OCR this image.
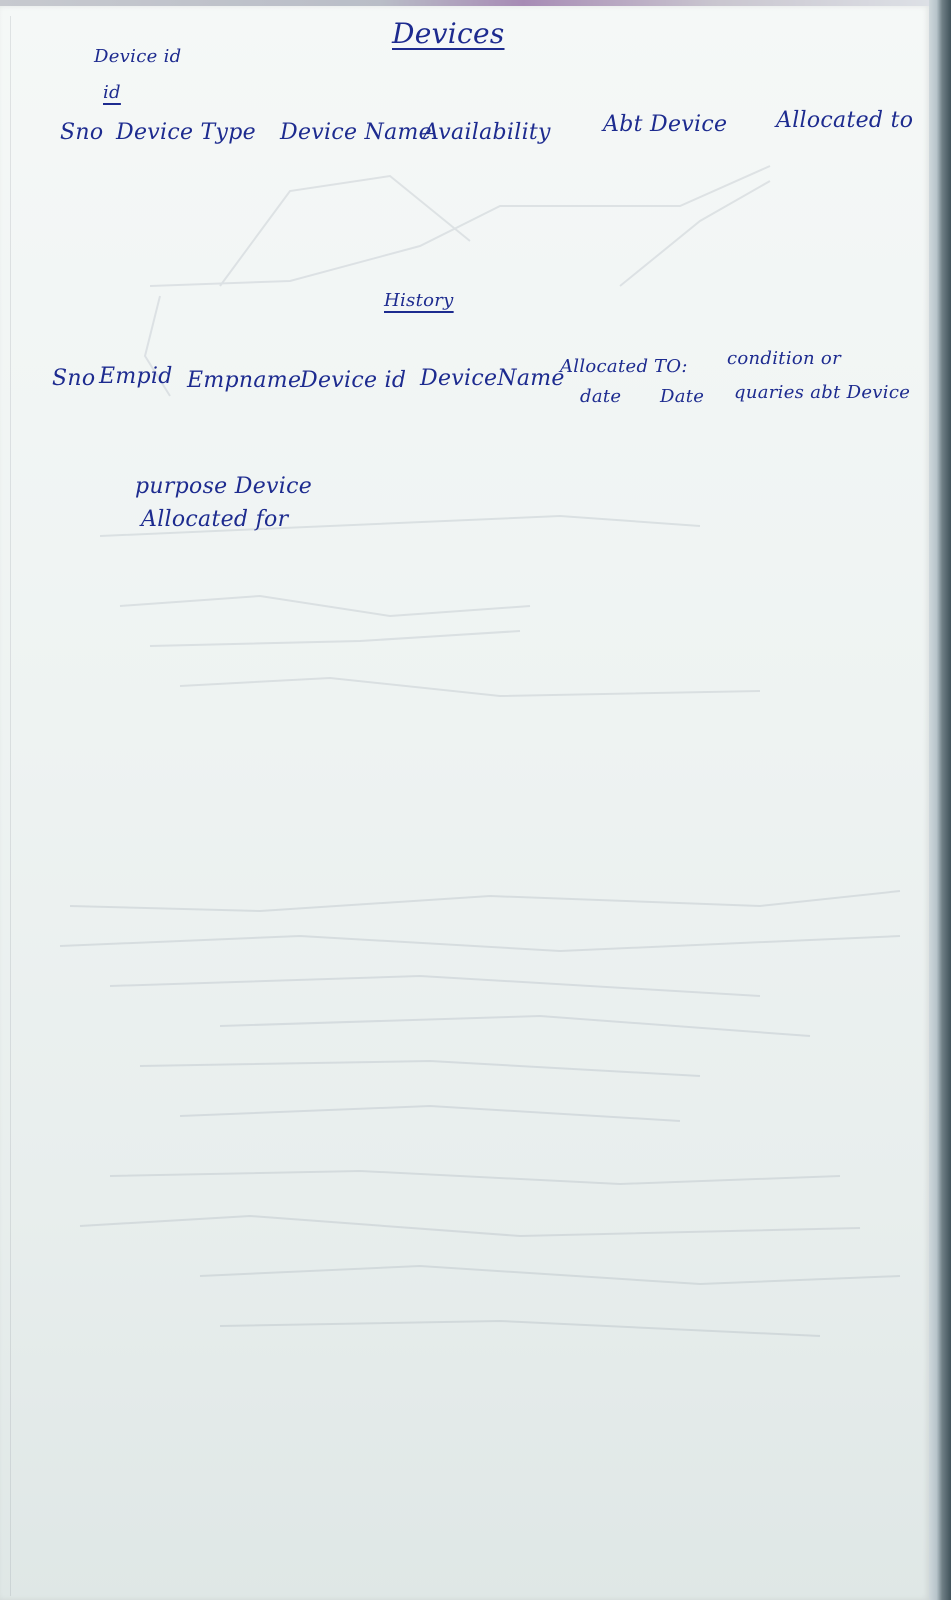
Devices
Device id
id
Sno Device Type Device Name
Availability Abt Device Allocated to
History
Sno Empid Empname
Device id DeviceName
Allocated
date
TO:
Date
condition or
quaries abt Device
purpose Device
Allocated for
